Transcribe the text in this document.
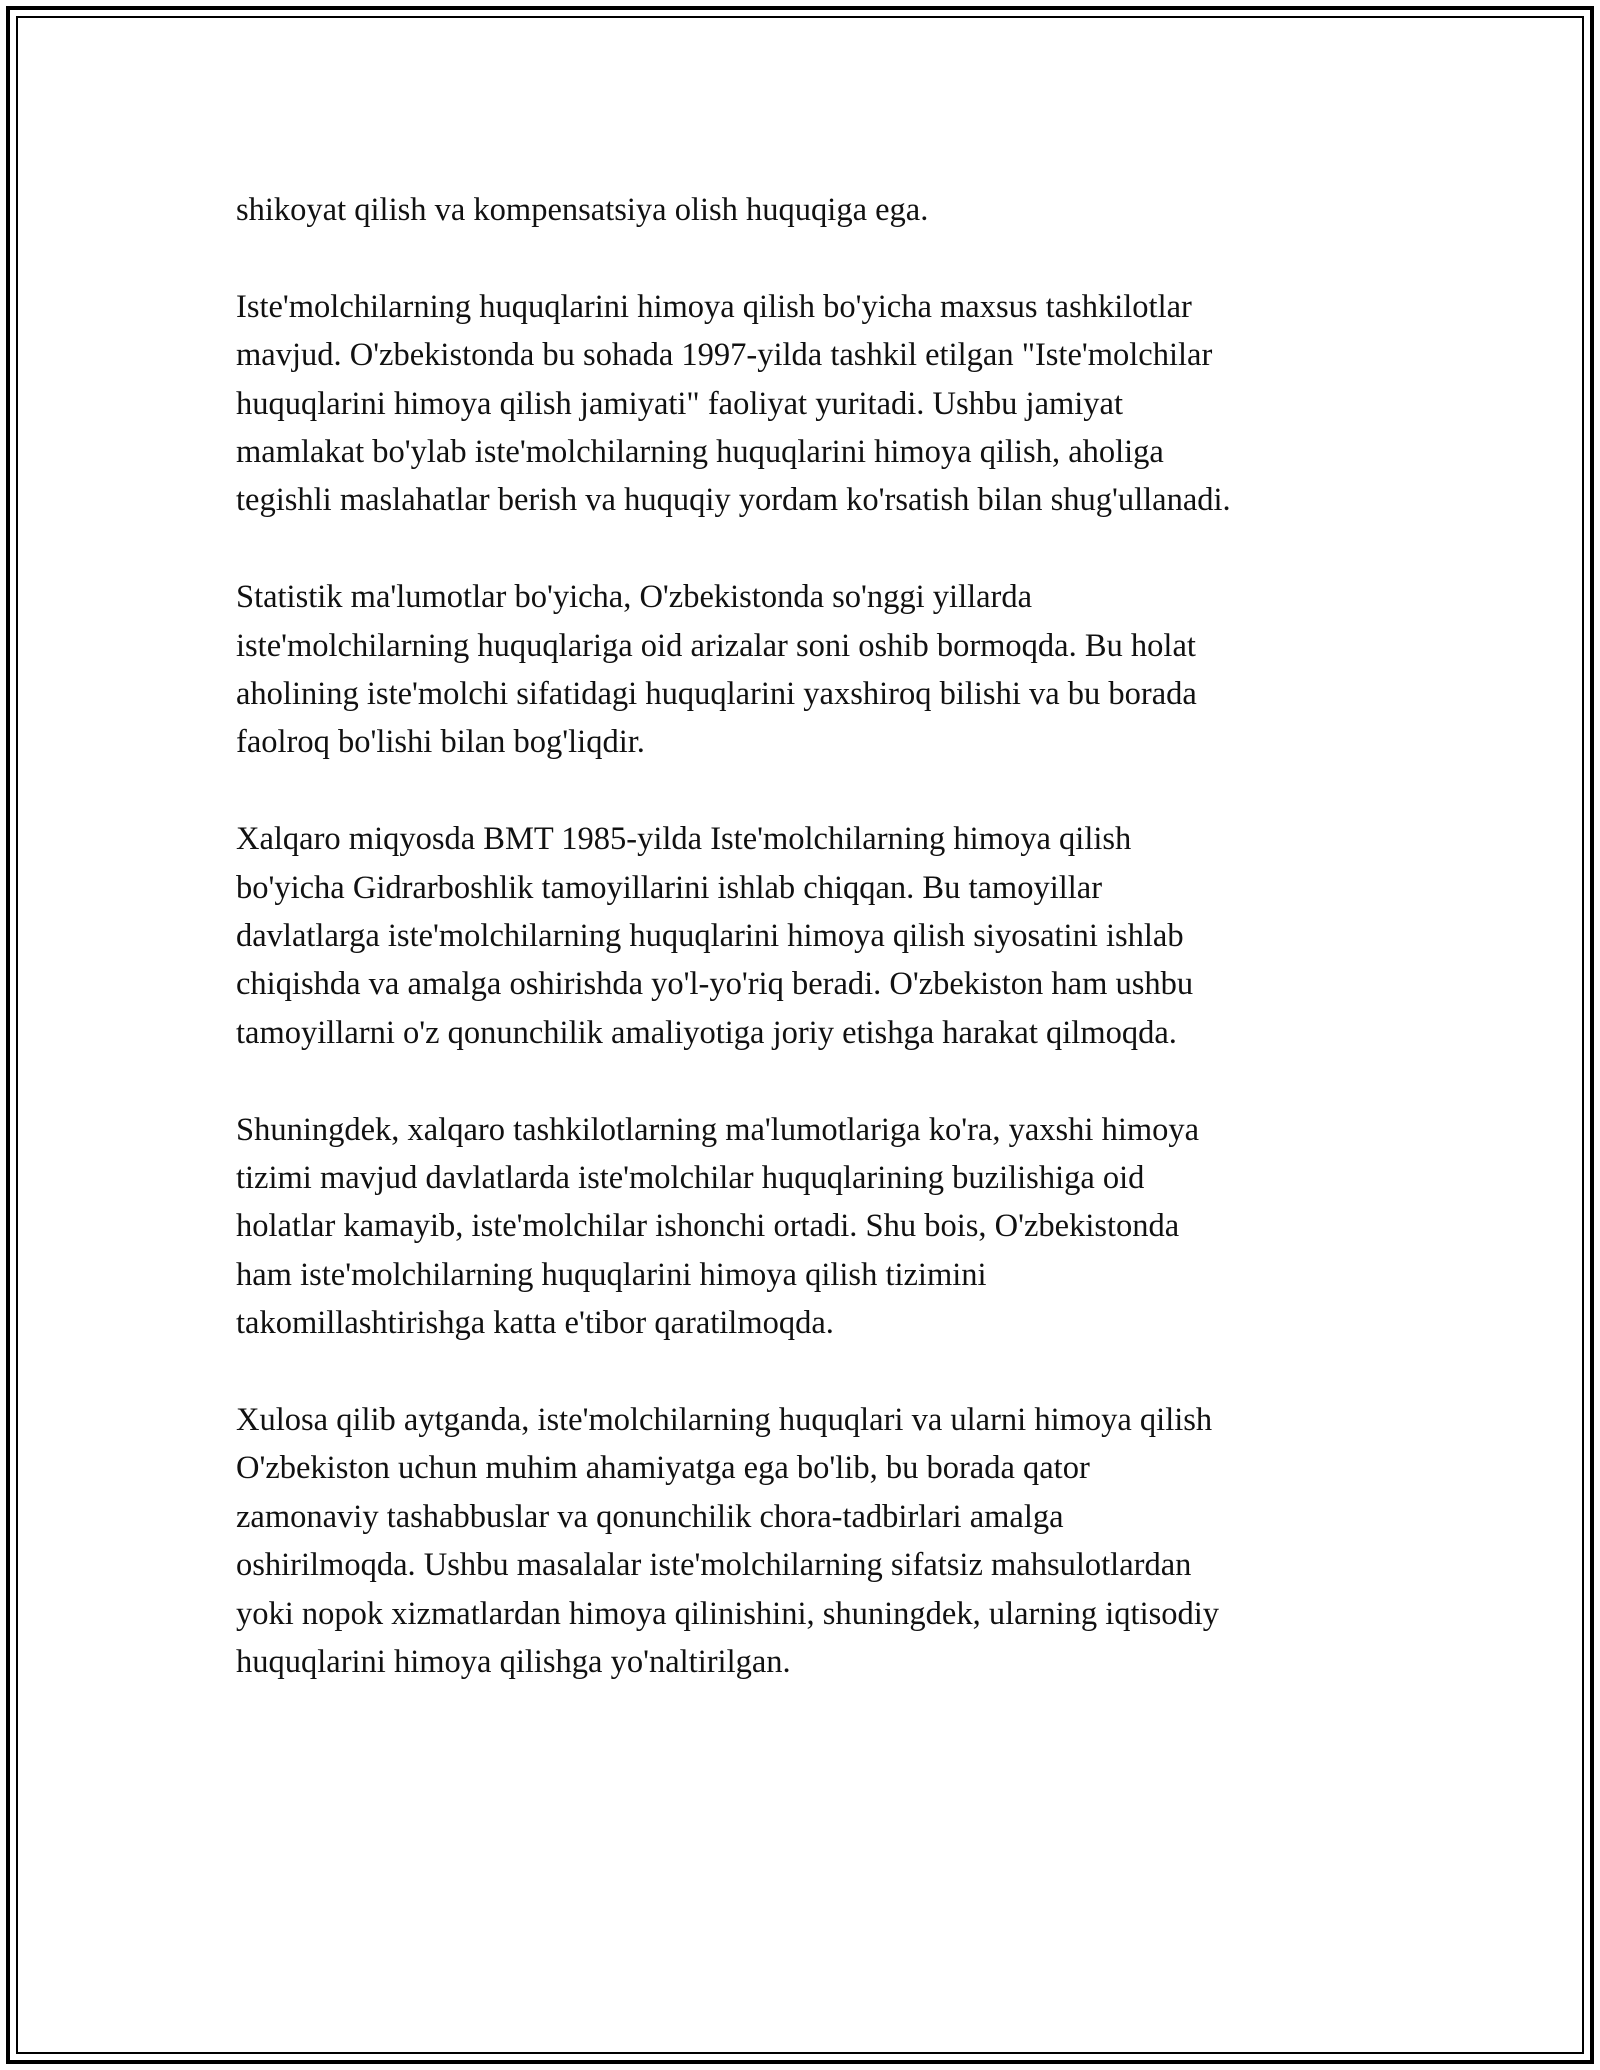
shikoyat qilish va kompensatsiya olish huquqiga ega.

Iste'molchilarning huquqlarini himoya qilish bo'yicha maxsus tashkilotlar
mavjud. O'zbekistonda bu sohada 1997-yilda tashkil etilgan "Iste'molchilar
huquqlarini himoya qilish jamiyati" faoliyat yuritadi. Ushbu jamiyat
mamlakat bo'ylab iste'molchilarning huquqlarini himoya qilish, aholiga
tegishli maslahatlar berish va huquqiy yordam ko'rsatish bilan shug'ullanadi.

Statistik ma'lumotlar bo'yicha, O'zbekistonda so'nggi yillarda
iste'molchilarning huquqlariga oid arizalar soni oshib bormoqda. Bu holat
aholining iste'molchi sifatidagi huquqlarini yaxshiroq bilishi va bu borada
faolroq bo'lishi bilan bog'liqdir.

Xalqaro miqyosda BMT 1985-yilda Iste'molchilarning himoya qilish
bo'yicha Gidrarboshlik tamoyillarini ishlab chiqqan. Bu tamoyillar
davlatlarga iste'molchilarning huquqlarini himoya qilish siyosatini ishlab
chiqishda va amalga oshirishda yo'l-yo'riq beradi. O'zbekiston ham ushbu
tamoyillarni o'z qonunchilik amaliyotiga joriy etishga harakat qilmoqda.

Shuningdek, xalqaro tashkilotlarning ma'lumotlariga ko'ra, yaxshi himoya
tizimi mavjud davlatlarda iste'molchilar huquqlarining buzilishiga oid
holatlar kamayib, iste'molchilar ishonchi ortadi. Shu bois, O'zbekistonda
ham iste'molchilarning huquqlarini himoya qilish tizimini
takomillashtirishga katta e'tibor qaratilmoqda.

Xulosa qilib aytganda, iste'molchilarning huquqlari va ularni himoya qilish
O'zbekiston uchun muhim ahamiyatga ega bo'lib, bu borada qator
zamonaviy tashabbuslar va qonunchilik chora-tadbirlari amalga
oshirilmoqda. Ushbu masalalar iste'molchilarning sifatsiz mahsulotlardan
yoki nopok xizmatlardan himoya qilinishini, shuningdek, ularning iqtisodiy
huquqlarini himoya qilishga yo'naltirilgan.
